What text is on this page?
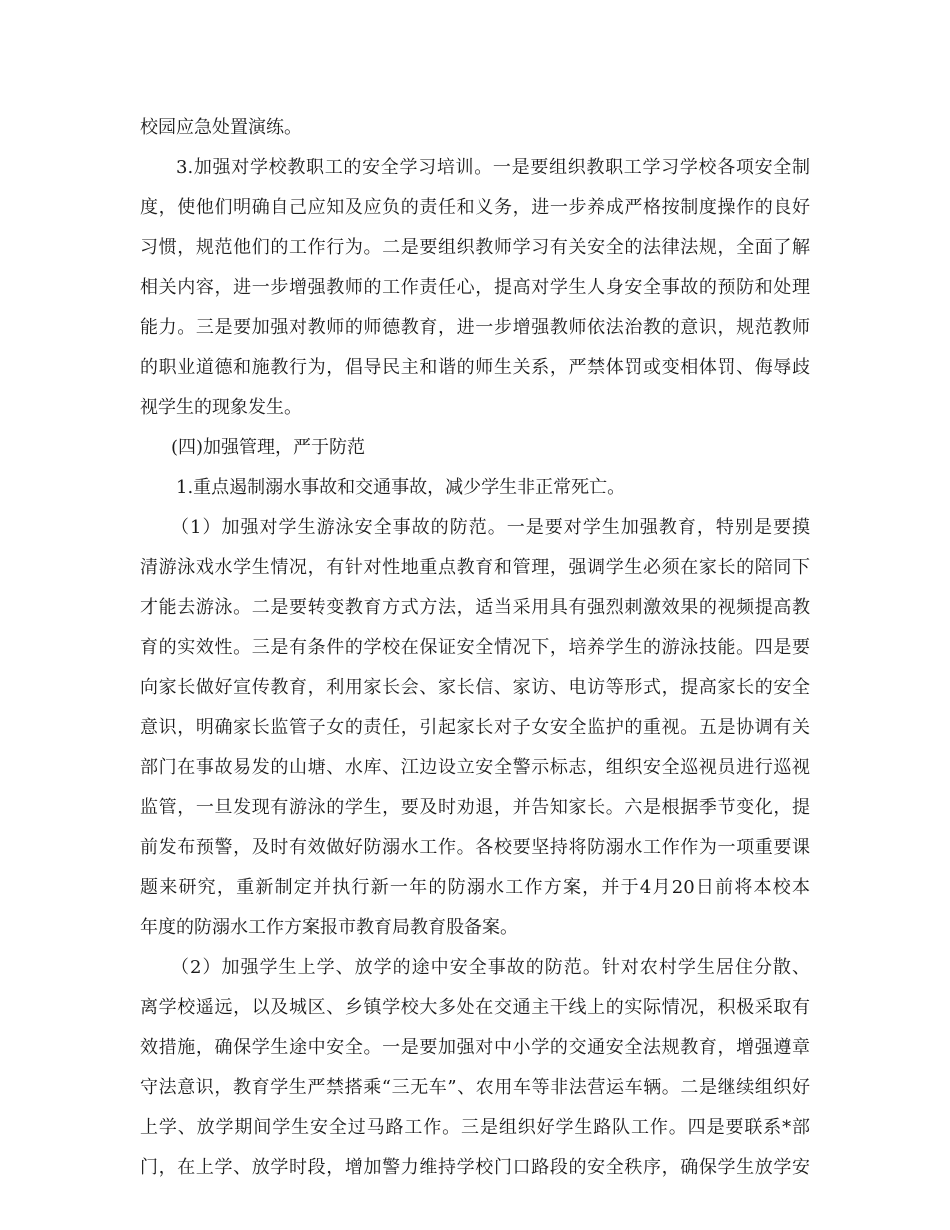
校园应急处置演练。
3.加强对学校教职工的安全学习培训。一是要组织教职工学习学校各项安全制
度，使他们明确自己应知及应负的责任和义务，进一步养成严格按制度操作的良好
习惯，规范他们的工作行为。二是要组织教师学习有关安全的法律法规，全面了解
相关内容，进一步增强教师的工作责任心，提高对学生人身安全事故的预防和处理
能力。三是要加强对教师的师德教育，进一步增强教师依法治教的意识，规范教师
的职业道德和施教行为，倡导民主和谐的师生关系，严禁体罚或变相体罚、侮辱歧
视学生的现象发生。
(四)加强管理，严于防范
1.重点遏制溺水事故和交通事故，减少学生非正常死亡。
（1）加强对学生游泳安全事故的防范。一是要对学生加强教育，特别是要摸
清游泳戏水学生情况，有针对性地重点教育和管理，强调学生必须在家长的陪同下
才能去游泳。二是要转变教育方式方法，适当采用具有强烈刺激效果的视频提高教
育的实效性。三是有条件的学校在保证安全情况下，培养学生的游泳技能。四是要
向家长做好宣传教育，利用家长会、家长信、家访、电访等形式，提高家长的安全
意识，明确家长监管子女的责任，引起家长对子女安全监护的重视。五是协调有关
部门在事故易发的山塘、水库、江边设立安全警示标志，组织安全巡视员进行巡视
监管，一旦发现有游泳的学生，要及时劝退，并告知家长。六是根据季节变化，提
前发布预警，及时有效做好防溺水工作。各校要坚持将防溺水工作作为一项重要课
题来研究，重新制定并执行新一年的防溺水工作方案，并于4月20日前将本校本
年度的防溺水工作方案报市教育局教育股备案。
（2）加强学生上学、放学的途中安全事故的防范。针对农村学生居住分散、
离学校遥远，以及城区、乡镇学校大多处在交通主干线上的实际情况，积极采取有
效措施，确保学生途中安全。一是要加强对中小学的交通安全法规教育，增强遵章
守法意识，教育学生严禁搭乘“三无车”、农用车等非法营运车辆。二是继续组织好
上学、放学期间学生安全过马路工作。三是组织好学生路队工作。四是要联系*部
门，在上学、放学时段，增加警力维持学校门口路段的安全秩序，确保学生放学安
